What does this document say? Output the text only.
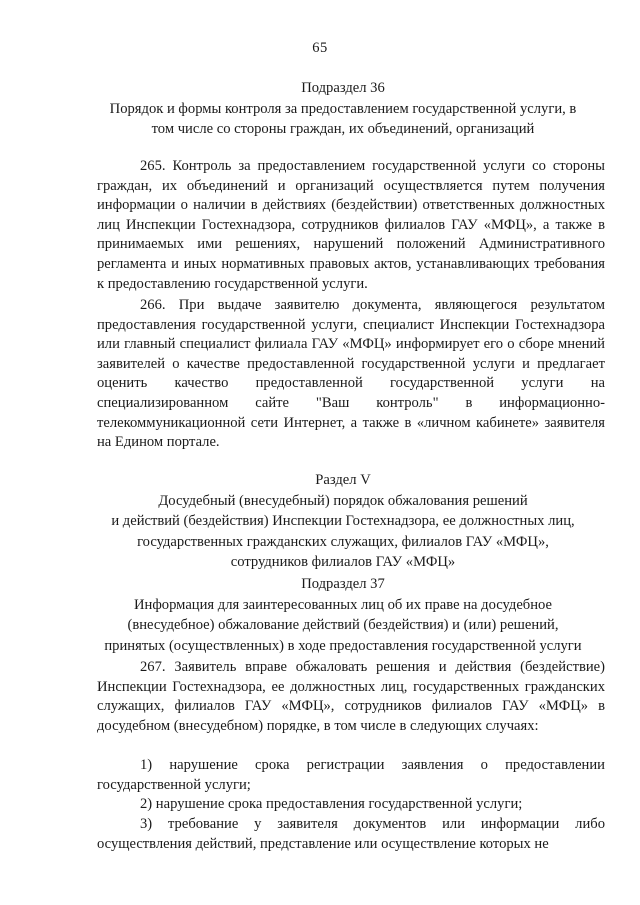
65
Подраздел 36
Порядок и формы контроля за предоставлением государственной услуги, в
том числе со стороны граждан, их объединений, организаций
265. Контроль за предоставлением государственной услуги со стороны граждан, их объединений и организаций осуществляется путем получения информации о наличии в действиях (бездействии) ответственных должностных лиц Инспекции Гостехнадзора, сотрудников филиалов ГАУ «МФЦ», а также в принимаемых ими решениях, нарушений положений Административного регламента и иных нормативных правовых актов, устанавливающих требования к предоставлению государственной услуги.
266. При выдаче заявителю документа, являющегося результатом предоставления государственной услуги, специалист Инспекции Гостехнадзора или главный специалист филиала ГАУ «МФЦ» информирует его о сборе мнений заявителей о качестве предоставленной государственной услуги и предлагает оценить качество предоставленной государственной услуги на специализированном сайте "Ваш контроль" в информационно-телекоммуникационной сети Интернет, а также в «личном кабинете» заявителя на Едином портале.
Раздел V
Досудебный (внесудебный) порядок обжалования решений
и действий (бездействия) Инспекции Гостехнадзора, ее должностных лиц,
государственных гражданских служащих, филиалов ГАУ «МФЦ»,
сотрудников филиалов ГАУ «МФЦ»
Подраздел 37
Информация для заинтересованных лиц об их праве на досудебное
(внесудебное) обжалование действий (бездействия) и (или) решений,
принятых (осуществленных) в ходе предоставления государственной услуги
267. Заявитель вправе обжаловать решения и действия (бездействие) Инспекции Гостехнадзора, ее должностных лиц, государственных гражданских служащих, филиалов ГАУ «МФЦ», сотрудников филиалов ГАУ «МФЦ» в досудебном (внесудебном) порядке, в том числе в следующих случаях:
1) нарушение срока регистрации заявления о предоставлении государственной услуги;
2) нарушение срока предоставления государственной услуги;
3) требование у заявителя документов или информации либо осуществления действий, представление или осуществление которых не
